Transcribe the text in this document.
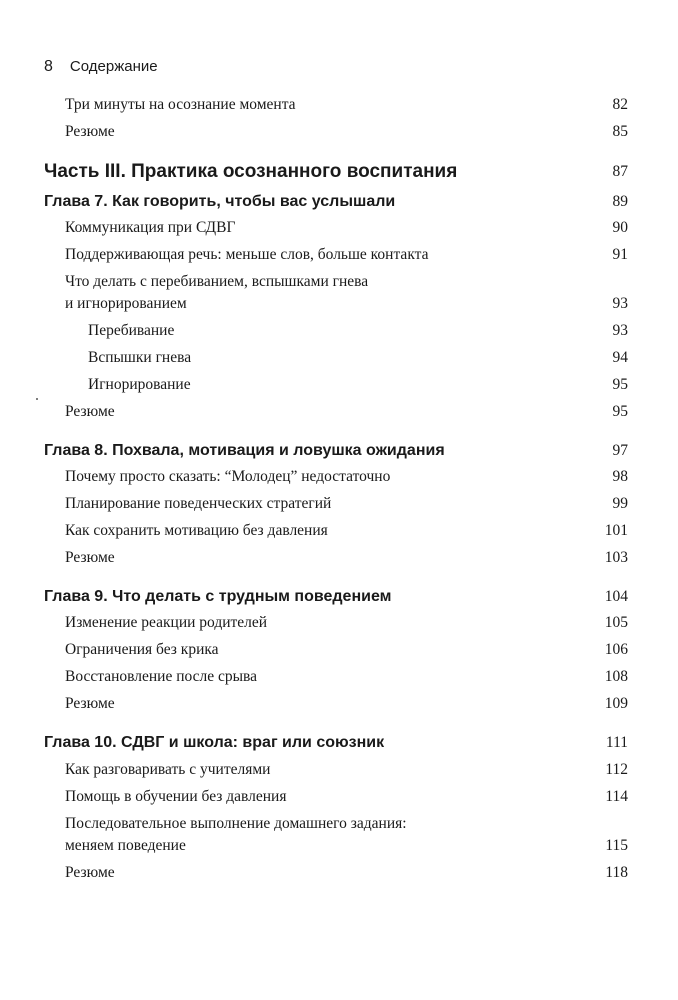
8 Содержание
Три минуты на осознание момента	82
Резюме	85
Часть III. Практика осознанного воспитания	87
Глава 7. Как говорить, чтобы вас услышали	89
Коммуникация при СДВГ	90
Поддерживающая речь: меньше слов, больше контакта	91
Что делать с перебиванием, вспышками гнева
и игнорированием	93
Перебивание	93
Вспышки гнева	94
Игнорирование	95
Резюме	95
Глава 8. Похвала, мотивация и ловушка ожидания	97
Почему просто сказать: “Молодец” недостаточно	98
Планирование поведенческих стратегий	99
Как сохранить мотивацию без давления	101
Резюме	103
Глава 9. Что делать с трудным поведением	104
Изменение реакции родителей	105
Ограничения без крика	106
Восстановление после срыва	108
Резюме	109
Глава 10. СДВГ и школа: враг или союзник	111
Как разговаривать с учителями	112
Помощь в обучении без давления	114
Последовательное выполнение домашнего задания:
меняем поведение	115
Резюме	118
